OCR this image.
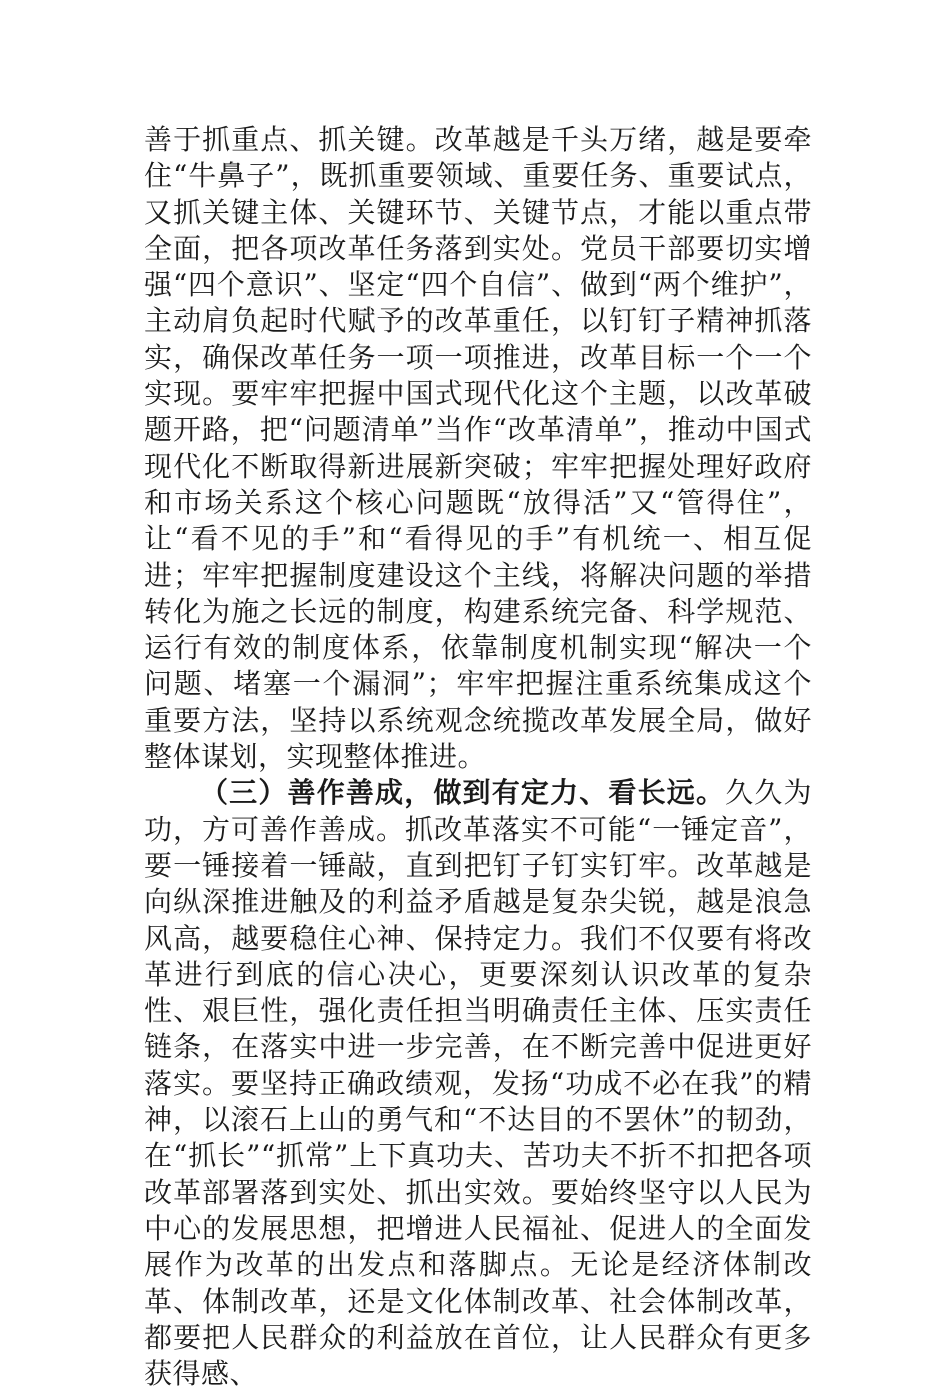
善于抓重点、抓关键。改革越是千头万绪，越是要牵住“牛鼻子”，既抓重要领域、重要任务、重要试点，又抓关键主体、关键环节、关键节点，才能以重点带全面，把各项改革任务落到实处。党员干部要切实增强“四个意识”、坚定“四个自信”、做到“两个维护”，主动肩负起时代赋予的改革重任，以钉钉子精神抓落实，确保改革任务一项一项推进，改革目标一个一个实现。要牢牢把握中国式现代化这个主题，以改革破题开路，把“问题清单”当作“改革清单”，推动中国式现代化不断取得新进展新突破；牢牢把握处理好政府和市场关系这个核心问题既“放得活”又“管得住”，让“看不见的手”和“看得见的手”有机统一、相互促进；牢牢把握制度建设这个主线，将解决问题的举措转化为施之长远的制度，构建系统完备、科学规范、运行有效的制度体系，依靠制度机制实现“解决一个问题、堵塞一个漏洞”；牢牢把握注重系统集成这个重要方法，坚持以系统观念统揽改革发展全局，做好整体谋划，实现整体推进。

（三）善作善成，做到有定力、看长远。久久为功，方可善作善成。抓改革落实不可能“一锤定音”，要一锤接着一锤敲，直到把钉子钉实钉牢。改革越是向纵深推进触及的利益矛盾越是复杂尖锐，越是浪急风高，越要稳住心神、保持定力。我们不仅要有将改革进行到底的信心决心，更要深刻认识改革的复杂性、艰巨性，强化责任担当明确责任主体、压实责任链条，在落实中进一步完善，在不断完善中促进更好落实。要坚持正确政绩观，发扬“功成不必在我”的精神，以滚石上山的勇气和“不达目的不罢休”的韧劲，在“抓长”“抓常”上下真功夫、苦功夫不折不扣把各项改革部署落到实处、抓出实效。要始终坚守以人民为中心的发展思想，把增进人民福祉、促进人的全面发展作为改革的出发点和落脚点。无论是经济体制改革、体制改革，还是文化体制改革、社会体制改革，都要把人民群众的利益放在首位，让人民群众有更多获得感、
